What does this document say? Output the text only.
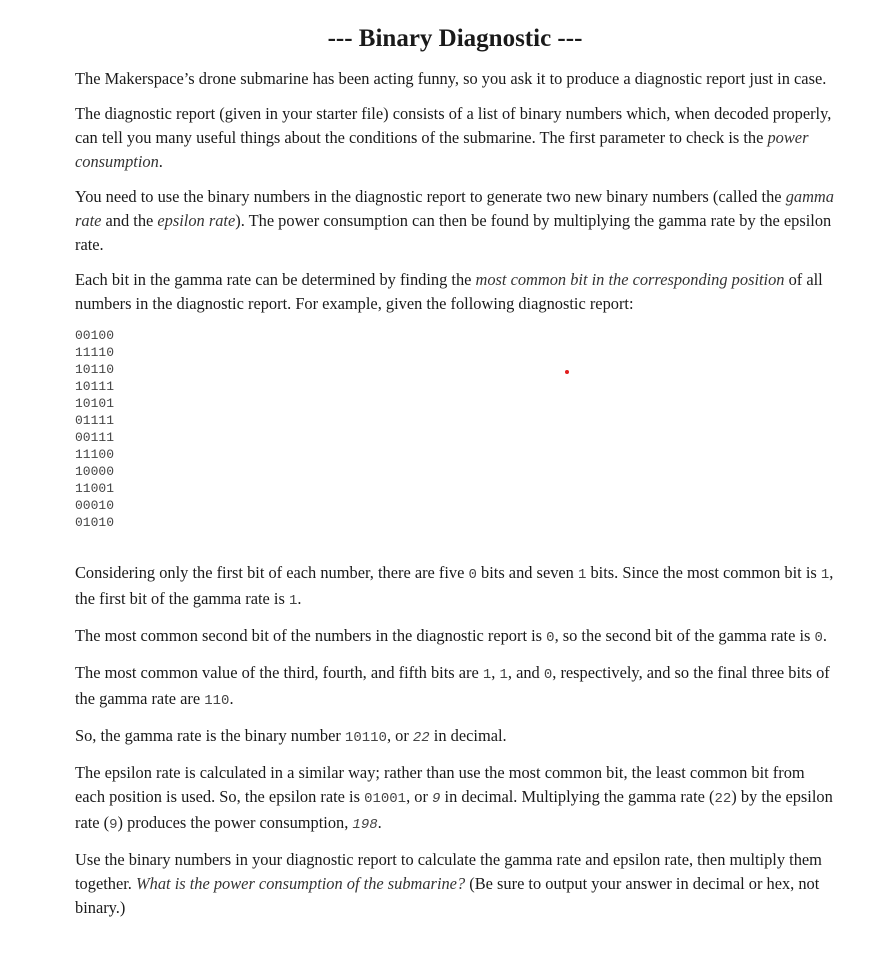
--- Binary Diagnostic ---

The Makerspace’s drone submarine has been acting funny, so you ask it to produce a diagnostic report just in case.

The diagnostic report (given in your starter file) consists of a list of binary numbers which, when decoded properly, can tell you many useful things about the conditions of the submarine. The first parameter to check is the power consumption.

You need to use the binary numbers in the diagnostic report to generate two new binary numbers (called the gamma rate and the epsilon rate). The power consumption can then be found by multiplying the gamma rate by the epsilon rate.

Each bit in the gamma rate can be determined by finding the most common bit in the corresponding position of all numbers in the diagnostic report. For example, given the following diagnostic report:

00100
11110
10110
10111
10101
01111
00111
11100
10000
11001
00010
01010

Considering only the first bit of each number, there are five 0 bits and seven 1 bits. Since the most common bit is 1, the first bit of the gamma rate is 1.

The most common second bit of the numbers in the diagnostic report is 0, so the second bit of the gamma rate is 0.

The most common value of the third, fourth, and fifth bits are 1, 1, and 0, respectively, and so the final three bits of the gamma rate are 110.

So, the gamma rate is the binary number 10110, or 22 in decimal.

The epsilon rate is calculated in a similar way; rather than use the most common bit, the least common bit from each position is used. So, the epsilon rate is 01001, or 9 in decimal. Multiplying the gamma rate (22) by the epsilon rate (9) produces the power consumption, 198.

Use the binary numbers in your diagnostic report to calculate the gamma rate and epsilon rate, then multiply them together. What is the power consumption of the submarine? (Be sure to output your answer in decimal or hex, not binary.)
